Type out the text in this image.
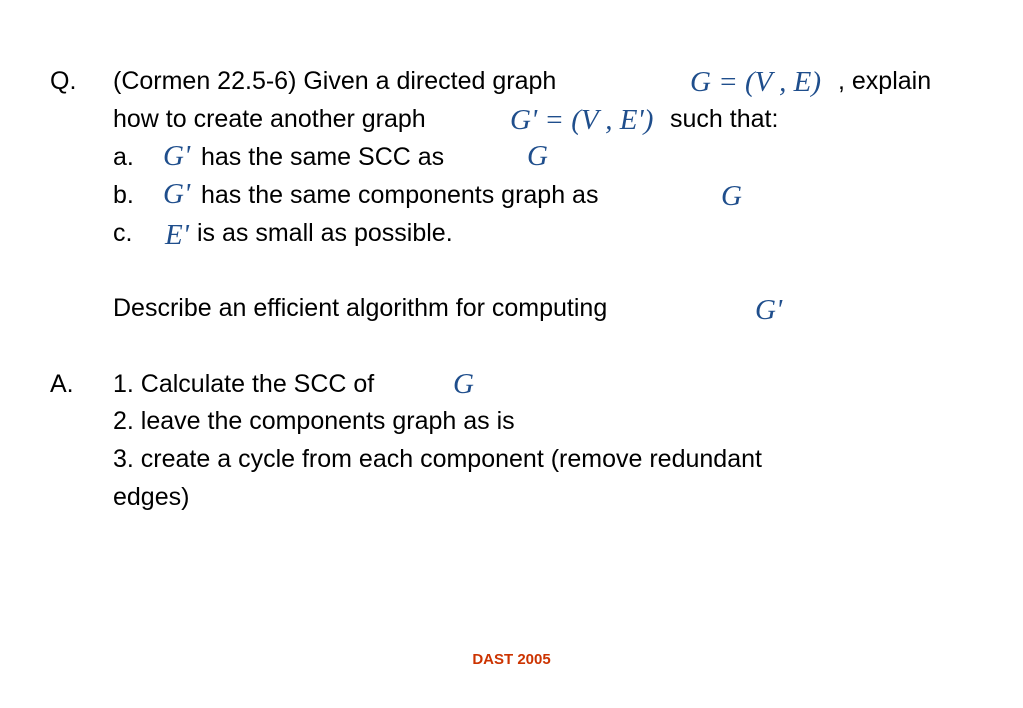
Q. (Cormen 22.5-6) Given a directed graph	G = (V , E) , explain
how to create another graph	G' = (V , E') such that:
a. G' has the same SCC as	G
b. G' has the same components graph as	G
c. E' is as small as possible.
Describe an efficient algorithm for computing	G'
A. 1. Calculate the SCC of	G
2. leave the components graph as is
3. create a cycle from each component (remove redundant
edges)
DAST 2005
